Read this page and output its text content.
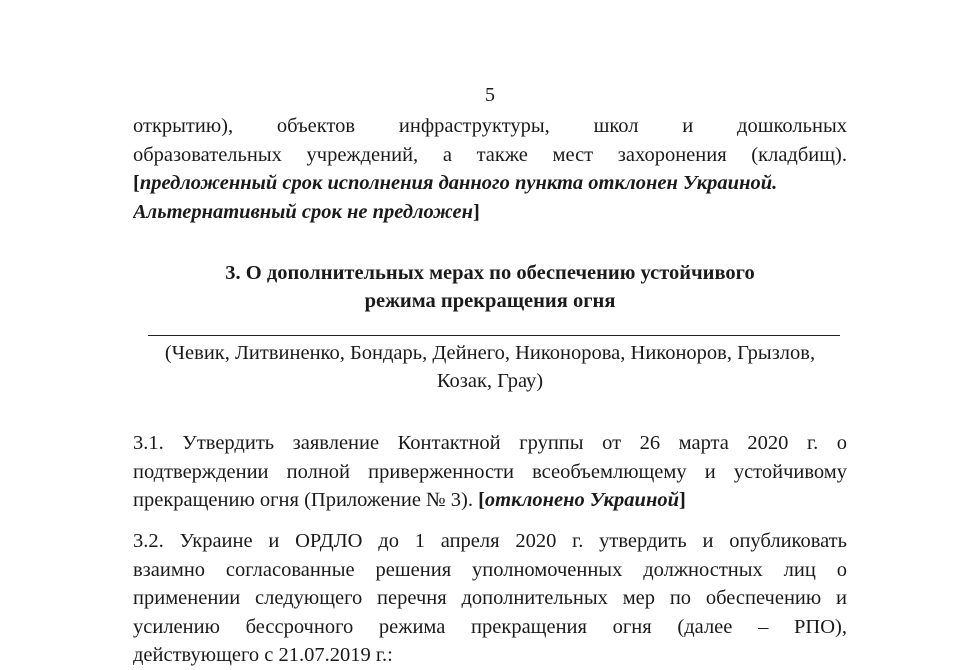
5
открытию), объектов инфраструктуры, школ и дошкольных
образовательных учреждений, а также мест захоронения (кладбищ).
[предложенный срок исполнения данного пункта отклонен Украиной.
Альтернативный срок не предложен]
3. О дополнительных мерах по обеспечению устойчивого
режима прекращения огня
(Чевик, Литвиненко, Бондарь, Дейнего, Никонорова, Никоноров, Грызлов,
Козак, Грау)
3.1. Утвердить заявление Контактной группы от 26 марта 2020 г. о
подтверждении полной приверженности всеобъемлющему и устойчивому
прекращению огня (Приложение № 3). [отклонено Украиной]
3.2. Украине и ОРДЛО до 1 апреля 2020 г. утвердить и опубликовать
взаимно согласованные решения уполномоченных должностных лиц о
применении следующего перечня дополнительных мер по обеспечению и
усилению бессрочного режима прекращения огня (далее – РПО),
действующего с 21.07.2019 г.:
